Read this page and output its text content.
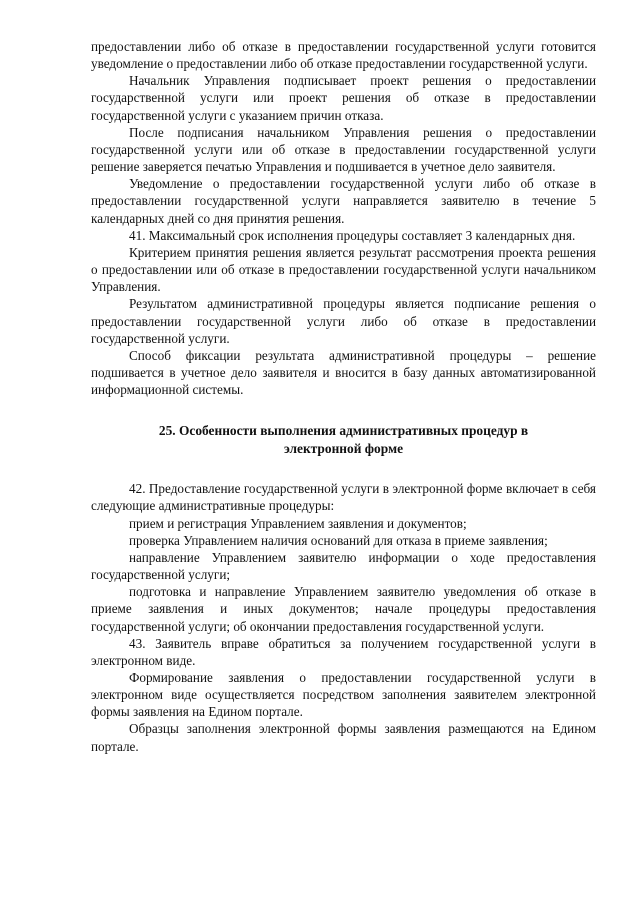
предоставлении либо об отказе в предоставлении государственной услуги готовится уведомление о предоставлении либо об отказе предоставлении государственной услуги.

Начальник Управления подписывает проект решения о предоставлении государственной услуги или проект решения об отказе в предоставлении государственной услуги с указанием причин отказа.

После подписания начальником Управления решения о предоставлении государственной услуги или об отказе в предоставлении государственной услуги решение заверяется печатью Управления и подшивается в учетное дело заявителя.

Уведомление о предоставлении государственной услуги либо об отказе в предоставлении государственной услуги направляется заявителю в течение 5 календарных дней со дня принятия решения.

41. Максимальный срок исполнения процедуры составляет 3 календарных дня.

Критерием принятия решения является результат рассмотрения проекта решения о предоставлении или об отказе в предоставлении государственной услуги начальником Управления.

Результатом административной процедуры является подписание решения о предоставлении государственной услуги либо об отказе в предоставлении государственной услуги.

Способ фиксации результата административной процедуры – решение подшивается в учетное дело заявителя и вносится в базу данных автоматизированной информационной системы.

25. Особенности выполнения административных процедур в электронной форме

42. Предоставление государственной услуги в электронной форме включает в себя следующие административные процедуры:

прием и регистрация Управлением заявления и документов;

проверка Управлением наличия оснований для отказа в приеме заявления;

направление Управлением заявителю информации о ходе предоставления государственной услуги;

подготовка и направление Управлением заявителю уведомления об отказе в приеме заявления и иных документов; начале процедуры предоставления государственной услуги; об окончании предоставления государственной услуги.

43. Заявитель вправе обратиться за получением государственной услуги в электронном виде.

Формирование заявления о предоставлении государственной услуги в электронном виде осуществляется посредством заполнения заявителем электронной формы заявления на Едином портале.

Образцы заполнения электронной формы заявления размещаются на Едином портале.
